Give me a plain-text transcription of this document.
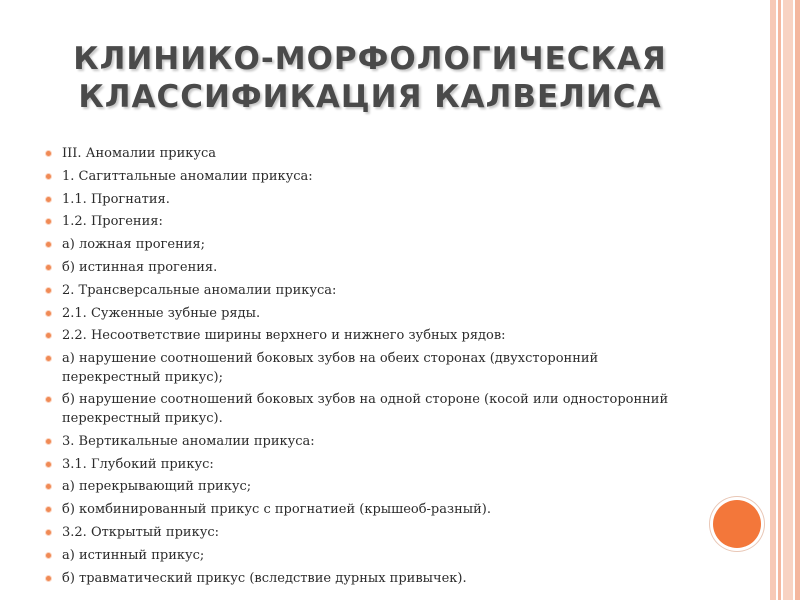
КЛИНИКО-МОРФОЛОГИЧЕСКАЯ
КЛАССИФИКАЦИЯ КАЛВЕЛИСА
III. Аномалии прикуса
1. Сагиттальные аномалии прикуса:
1.1. Прогнатия.
1.2. Прогения:
а) ложная прогения;
б) истинная прогения.
2. Трансверсальные аномалии прикуса:
2.1. Суженные зубные ряды.
2.2. Несоответствие ширины верхнего и нижнего зубных рядов:
а) нарушение соотношений боковых зубов на обеих сторонах (двухсторонний перекрестный прикус);
б) нарушение соотношений боковых зубов на одной стороне (косой или односторонний перекрестный прикус).
3. Вертикальные аномалии прикуса:
3.1. Глубокий прикус:
а) перекрывающий прикус;
б) комбинированный прикус с прогнатией (крышеоб-разный).
3.2. Открытый прикус:
а) истинный прикус;
б) травматический прикус (вследствие дурных привычек).
